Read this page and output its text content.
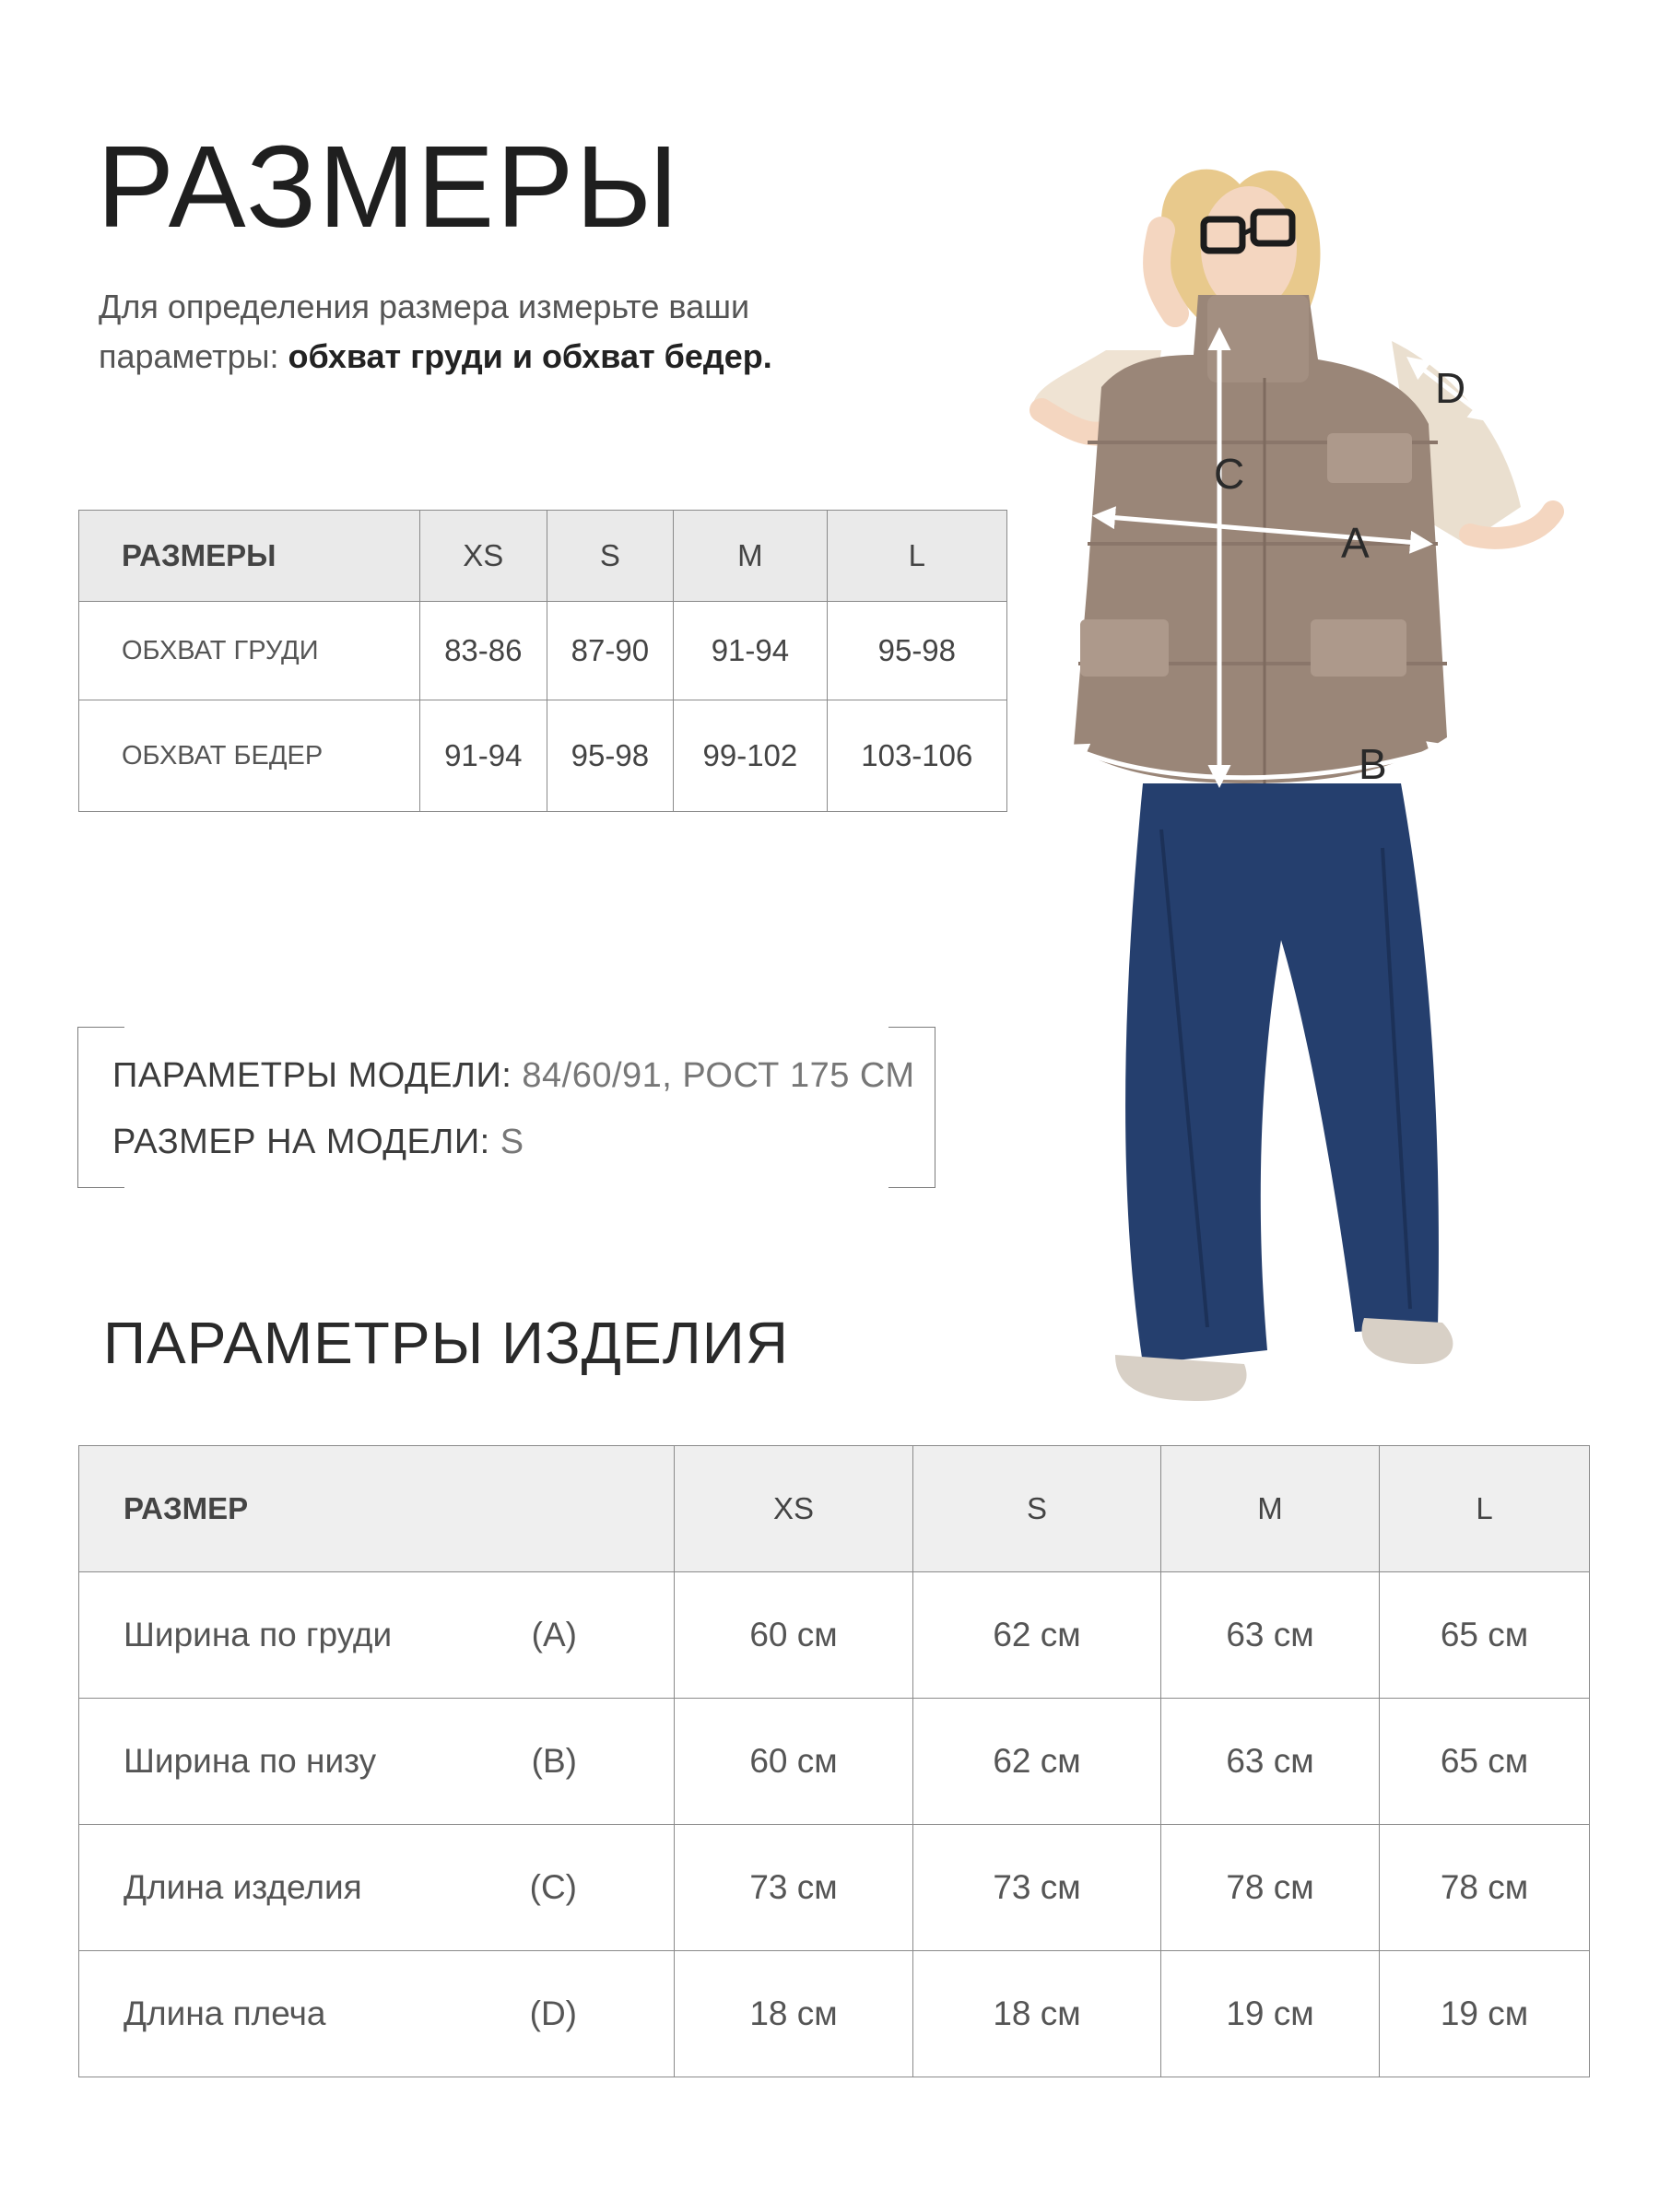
РАЗМЕРЫ
Для определения размера измерьте ваши параметры: обхват груди и обхват бедер.
РАЗМЕРЫ	XS	S	M	L
ОБХВАТ ГРУДИ	83-86	87-90	91-94	95-98
ОБХВАТ БЕДЕР	91-94	95-98	99-102	103-106
ПАРАМЕТРЫ МОДЕЛИ: 84/60/91, РОСТ 175 СМ
РАЗМЕР НА МОДЕЛИ: S
ПАРАМЕТРЫ ИЗДЕЛИЯ
РАЗМЕР	XS	S	M	L
Ширина по груди (A)	60 см	62 см	63 см	65 см
Ширина по низу (B)	60 см	62 см	63 см	65 см
Длина изделия (C)	73 см	73 см	78 см	78 см
Длина плеча (D)	18 см	18 см	19 см	19 см
C
A
B
D
